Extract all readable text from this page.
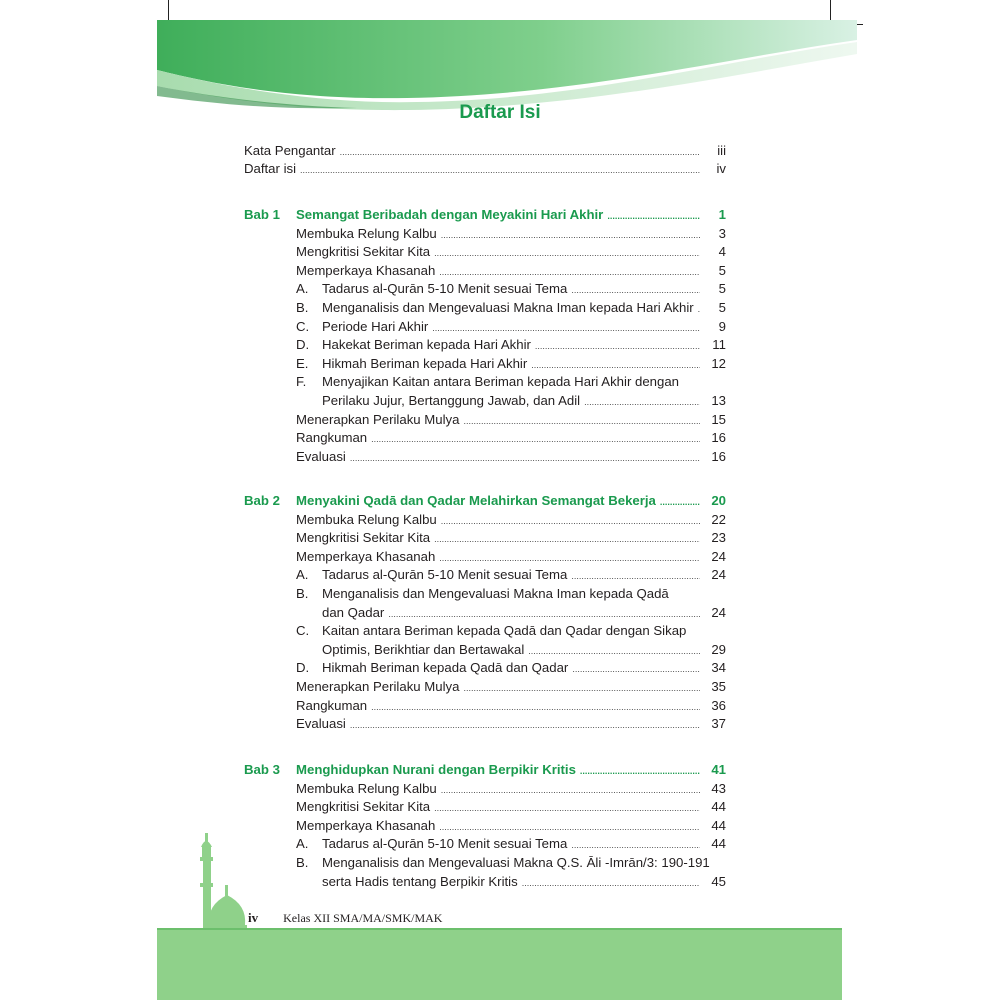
Daftar Isi
Kata Pengantar .....	iii
Daftar isi .....	iv
Bab 1	Semangat Beribadah dengan Meyakini Hari Akhir .....	1
Membuka Relung Kalbu .....	3
Mengkritisi Sekitar Kita .....	4
Memperkaya Khasanah .....	5
A.	Tadarus al-Qurān 5-10 Menit sesuai Tema .....	5
B.	Menganalisis dan Mengevaluasi Makna Iman kepada Hari Akhir .....	5
C. Periode Hari Akhir .....	9
D. Hakekat Beriman kepada Hari Akhir .....	11
E.	Hikmah Beriman kepada Hari Akhir .....	12
F.	Menyajikan Kaitan antara Beriman kepada Hari Akhir dengan
Perilaku Jujur, Bertanggung Jawab, dan Adil .....	13
Menerapkan Perilaku Mulya .....	15
Rangkuman .....	16
Evaluasi .....	16
Bab 2	Menyakini Qadā dan Qadar Melahirkan Semangat Bekerja .....	20
Membuka Relung Kalbu .....	22
Mengkritisi Sekitar Kita .....	23
Memperkaya Khasanah .....	24
A.	Tadarus al-Qurān 5-10 Menit sesuai Tema .....	24
B.	Menganalisis dan Mengevaluasi Makna Iman kepada Qadā
dan Qadar .....	24
C. Kaitan antara Beriman kepada Qadā dan Qadar dengan Sikap
Optimis, Berikhtiar dan Bertawakal .....	29
D. Hikmah Beriman kepada Qadā dan Qadar .....	34
Menerapkan Perilaku Mulya .....	35
Rangkuman .....	36
Evaluasi .....	37
Bab 3	Menghidupkan Nurani dengan Berpikir Kritis .....	41
Membuka Relung Kalbu .....	43
Mengkritisi Sekitar Kita .....	44
Memperkaya Khasanah .....	44
A.	Tadarus al-Qurān 5-10 Menit sesuai Tema .....	44
B.	Menganalisis dan Mengevaluasi Makna Q.S. Āli -Imrān/3: 190-191
serta Hadis tentang Berpikir Kritis .....	45
iv Kelas XII SMA/MA/SMK/MAK
